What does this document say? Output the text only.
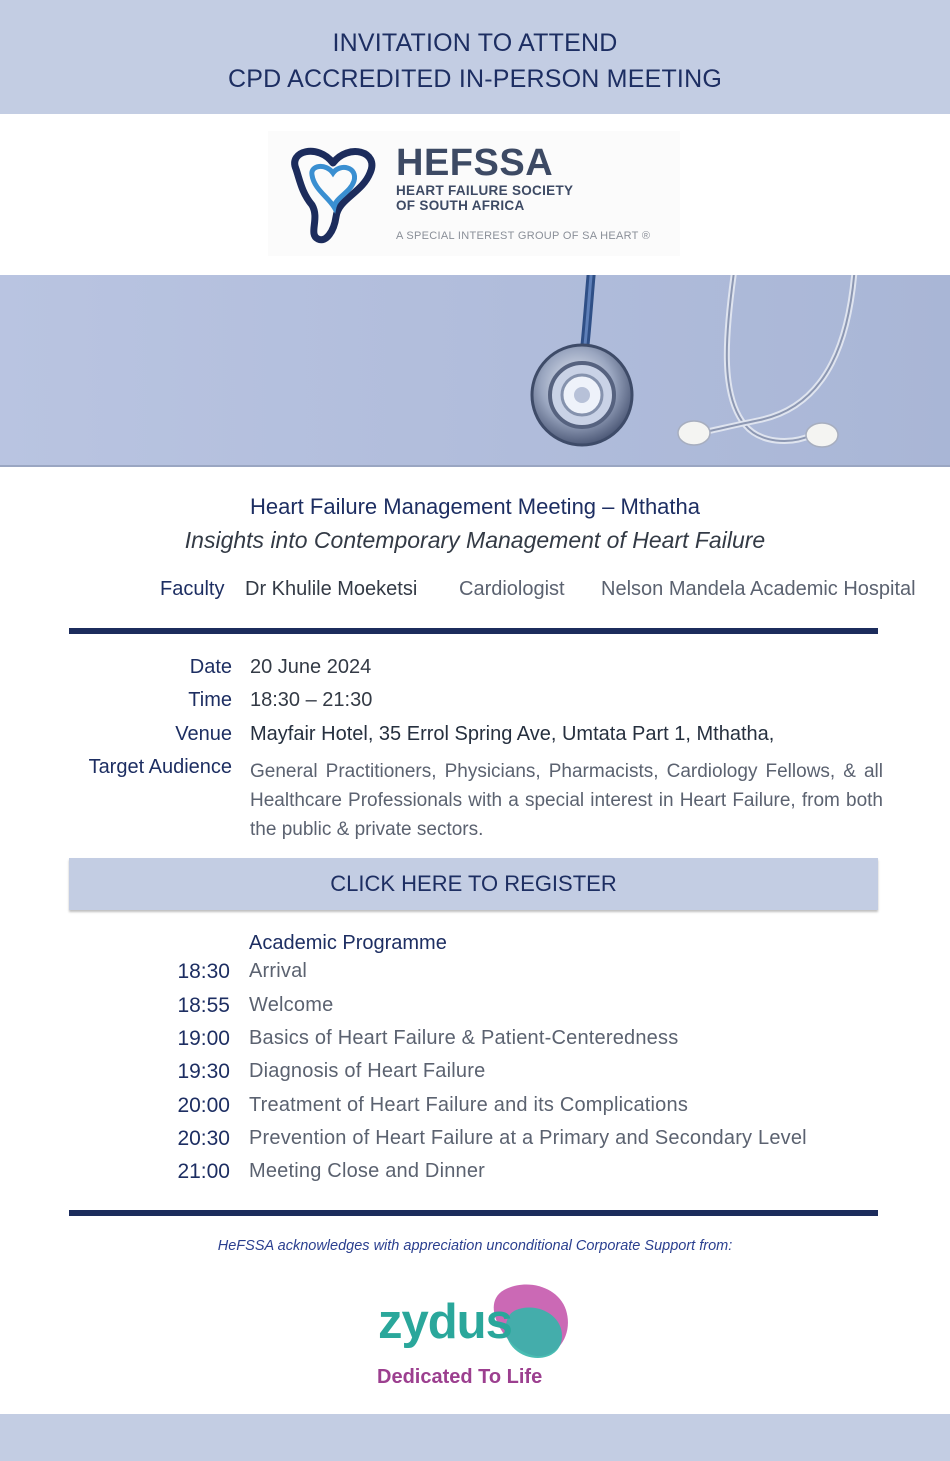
INVITATION TO ATTEND
CPD ACCREDITED IN-PERSON MEETING
HEFSSA
HEART FAILURE SOCIETY
OF SOUTH AFRICA
A SPECIAL INTEREST GROUP OF SA HEART ®
Heart Failure Management Meeting – Mthatha
Insights into Contemporary Management of Heart Failure
Faculty Dr Khulile Moeketsi Cardiologist Nelson Mandela Academic Hospital
Date 20 June 2024
Time 18:30 – 21:30
Venue Mayfair Hotel, 35 Errol Spring Ave, Umtata Part 1, Mthatha,
Target Audience General Practitioners, Physicians, Pharmacists, Cardiology Fellows, & all Healthcare Professionals with a special interest in Heart Failure, from both the public & private sectors.
CLICK HERE TO REGISTER
Academic Programme
18:30 Arrival
18:55 Welcome
19:00 Basics of Heart Failure & Patient-Centeredness
19:30 Diagnosis of Heart Failure
20:00 Treatment of Heart Failure and its Complications
20:30 Prevention of Heart Failure at a Primary and Secondary Level
21:00 Meeting Close and Dinner
HeFSSA acknowledges with appreciation unconditional Corporate Support from:
zydus
Dedicated To Life
